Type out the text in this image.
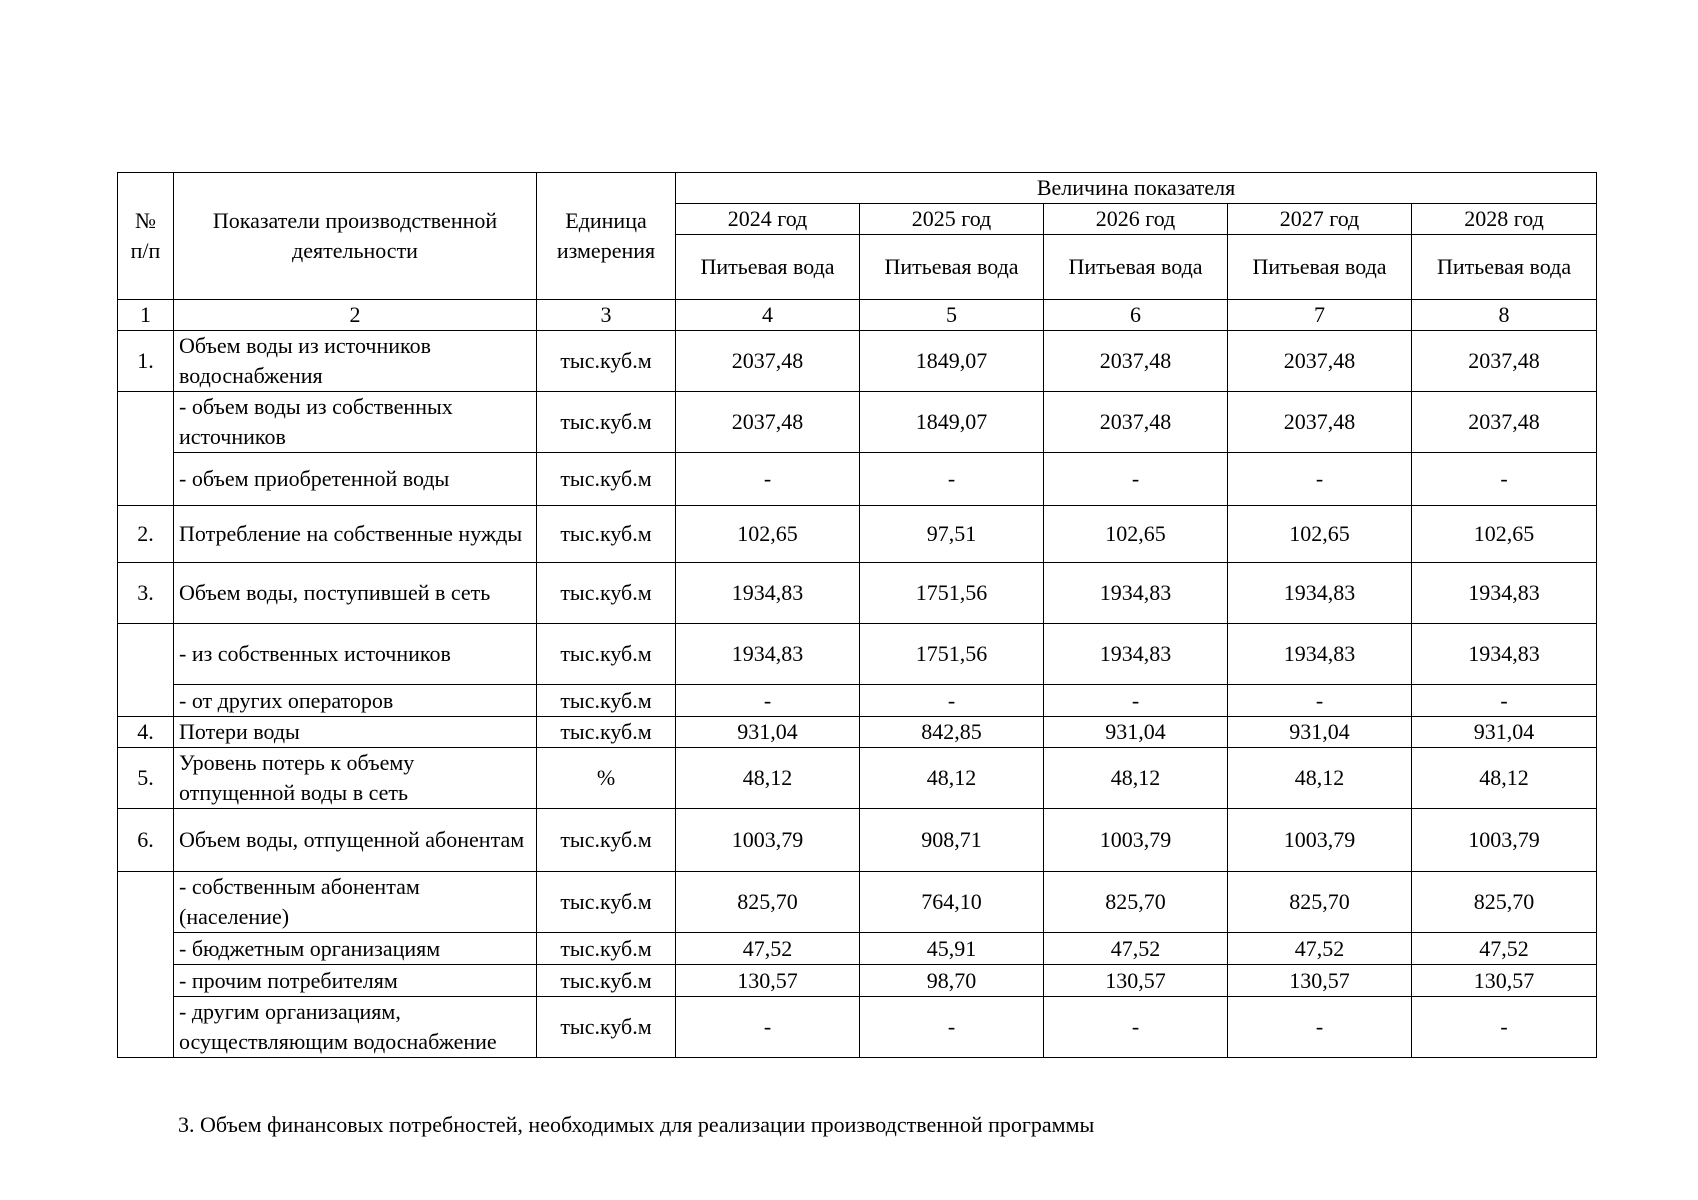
№
п/п	Показатели производственной деятельности	Единица измерения	Величина показателя				
			2024 год	2025 год	2026 год	2027 год	2028 год
			Питьевая вода	Питьевая вода	Питьевая вода	Питьевая вода	Питьевая вода
1	2	3	4	5	6	7	8
1.	Объем воды из источников водоснабжения	тыс.куб.м	2037,48	1849,07	2037,48	2037,48	2037,48
	- объем воды из собственных источников	тыс.куб.м	2037,48	1849,07	2037,48	2037,48	2037,48
	- объем приобретенной воды	тыс.куб.м	-	-	-	-	-
2.	Потребление на собственные нужды	тыс.куб.м	102,65	97,51	102,65	102,65	102,65
3.	Объем воды, поступившей в сеть	тыс.куб.м	1934,83	1751,56	1934,83	1934,83	1934,83
	- из собственных источников	тыс.куб.м	1934,83	1751,56	1934,83	1934,83	1934,83
	- от других операторов	тыс.куб.м	-	-	-	-	-
4.	Потери воды	тыс.куб.м	931,04	842,85	931,04	931,04	931,04
5.	Уровень потерь к объему отпущенной воды в сеть	%	48,12	48,12	48,12	48,12	48,12
6.	Объем воды, отпущенной абонентам	тыс.куб.м	1003,79	908,71	1003,79	1003,79	1003,79
	- собственным абонентам (население)	тыс.куб.м	825,70	764,10	825,70	825,70	825,70
	- бюджетным организациям	тыс.куб.м	47,52	45,91	47,52	47,52	47,52
	- прочим потребителям	тыс.куб.м	130,57	98,70	130,57	130,57	130,57
	- другим организациям, осуществляющим водоснабжение	тыс.куб.м	-	-	-	-	-
3. Объем финансовых потребностей, необходимых для реализации производственной программы
